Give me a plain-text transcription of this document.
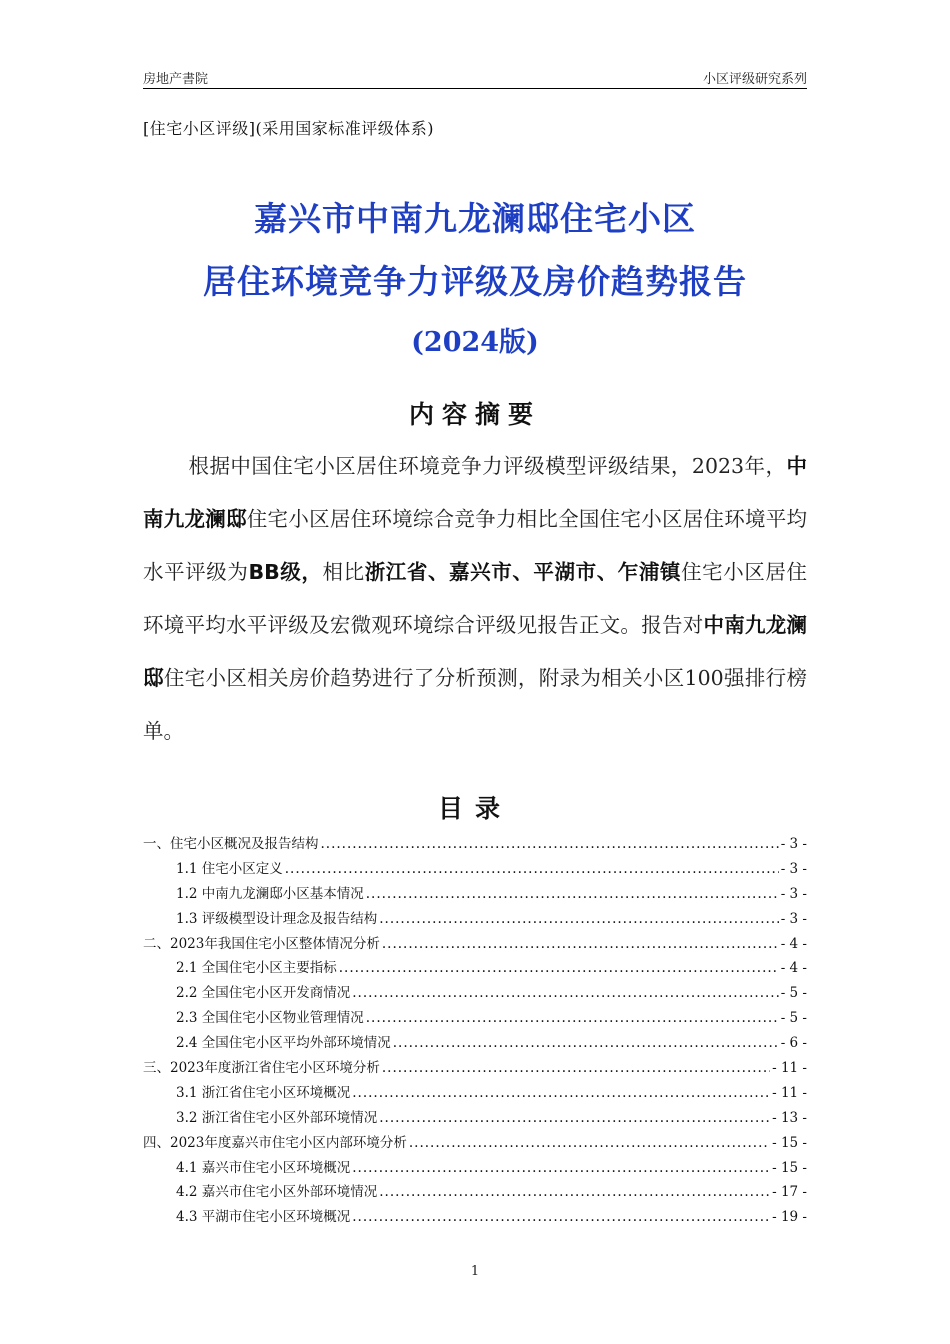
房地产書院	小区评级研究系列
[住宅小区评级](采用国家标准评级体系)
嘉兴市中南九龙澜邸住宅小区
居住环境竞争力评级及房价趋势报告
(2024版)
内容摘要
根据中国住宅小区居住环境竞争力评级模型评级结果，2023年，中南九龙澜邸住宅小区居住环境综合竞争力相比全国住宅小区居住环境平均水平评级为BB级，相比浙江省、嘉兴市、平湖市、乍浦镇住宅小区居住环境平均水平评级及宏微观环境综合评级见报告正文。报告对中南九龙澜邸住宅小区相关房价趋势进行了分析预测，附录为相关小区100强排行榜单。
目录
一、住宅小区概况及报告结构 .....	- 3 -
1.1 住宅小区定义 .....	- 3 -
1.2 中南九龙澜邸小区基本情况 .....	- 3 -
1.3 评级模型设计理念及报告结构 .....	- 3 -
二、2023年我国住宅小区整体情况分析 .....	- 4 -
2.1 全国住宅小区主要指标 .....	- 4 -
2.2 全国住宅小区开发商情况 .....	- 5 -
2.3 全国住宅小区物业管理情况 .....	- 5 -
2.4 全国住宅小区平均外部环境情况 .....	- 6 -
三、2023年度浙江省住宅小区环境分析 .....	- 11 -
3.1 浙江省住宅小区环境概况 .....	- 11 -
3.2 浙江省住宅小区外部环境情况 .....	- 13 -
四、2023年度嘉兴市住宅小区内部环境分析 .....	- 15 -
4.1 嘉兴市住宅小区环境概况 .....	- 15 -
4.2 嘉兴市住宅小区外部环境情况 .....	- 17 -
4.3 平湖市住宅小区环境概况 .....	- 19 -
1
